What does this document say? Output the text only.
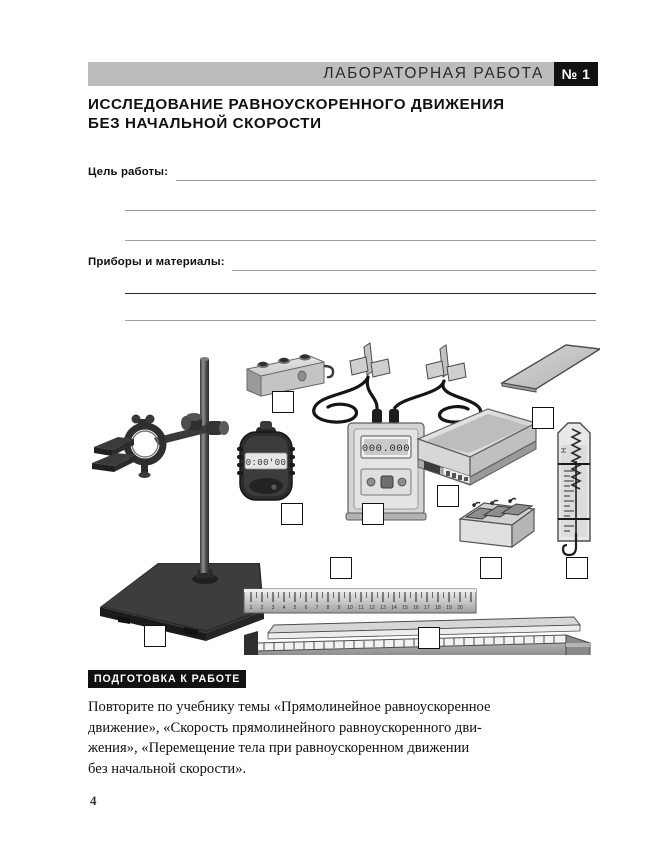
ЛАБОРАТОРНАЯ РАБОТА № 1
ИССЛЕДОВАНИЕ РАВНОУСКОРЕННОГО ДВИЖЕНИЯ
БЕЗ НАЧАЛЬНОЙ СКОРОСТИ
Цель работы:
Приборы и материалы:
0:00'00
000.000	H
1 2 3 4 5 6 7 8 9 10 11 12 13 14 15 16 17 18 19 20
ПОДГОТОВКА К РАБОТЕ
Повторите по учебнику темы «Прямолинейное равноускоренное
движение», «Скорость прямолинейного равноускоренного дви-
жения», «Перемещение тела при равноускоренном движении
без начальной скорости».
4
